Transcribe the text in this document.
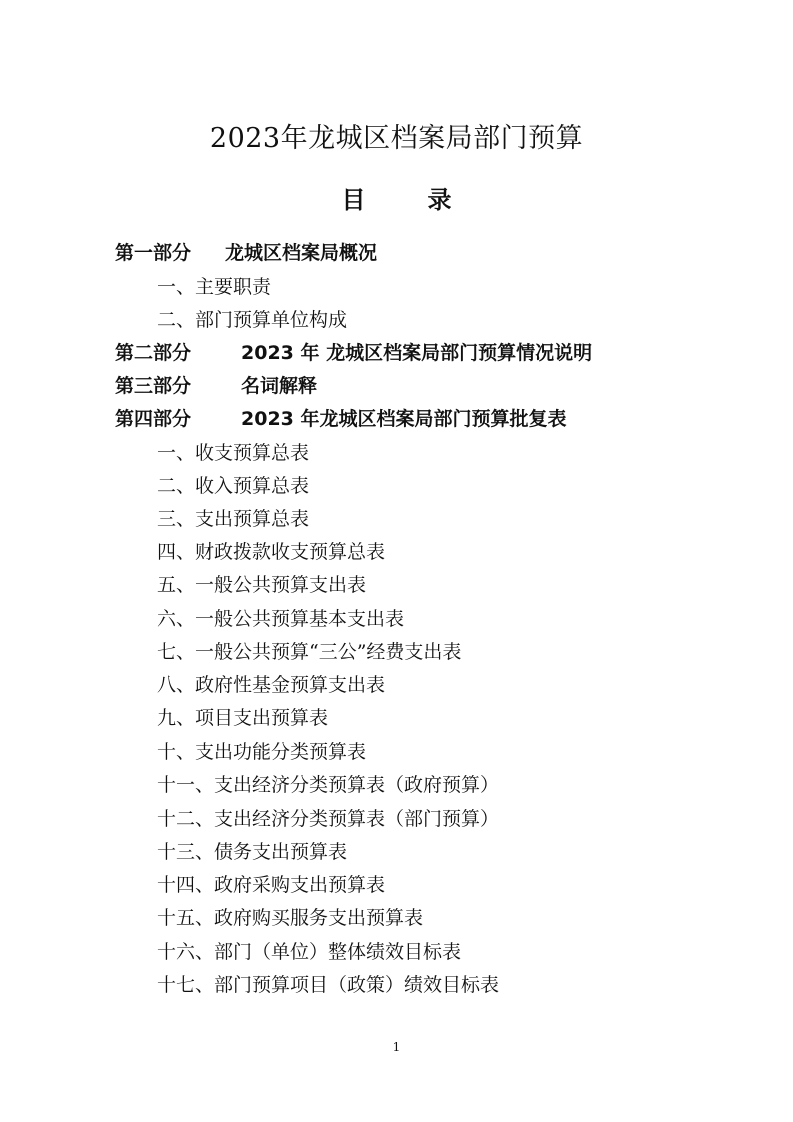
2023年龙城区档案局部门预算
目	录
第一部分 龙城区档案局概况
一、主要职责
二、部门预算单位构成
第二部分	2023 年 龙城区档案局部门预算情况说明
第三部分	名词解释
第四部分	2023 年龙城区档案局部门预算批复表
一、收支预算总表
二、收入预算总表
三、支出预算总表
四、财政拨款收支预算总表
五、一般公共预算支出表
六、一般公共预算基本支出表
七、一般公共预算“三公”经费支出表
八、政府性基金预算支出表
九、项目支出预算表
十、支出功能分类预算表
十一、支出经济分类预算表（政府预算）
十二、支出经济分类预算表（部门预算）
十三、债务支出预算表
十四、政府采购支出预算表
十五、政府购买服务支出预算表
十六、部门（单位）整体绩效目标表
十七、部门预算项目（政策）绩效目标表
1
